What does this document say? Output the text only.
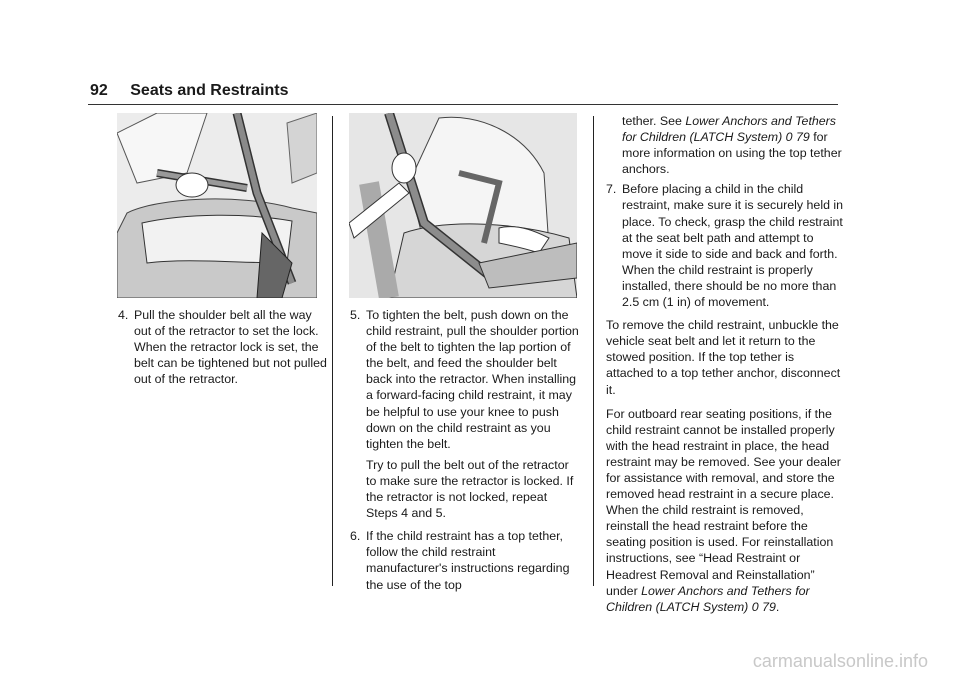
92 Seats and Restraints
4. Pull the shoulder belt all the way out of the retractor to set the lock. When the retractor lock is set, the belt can be tightened but not pulled out of the retractor.
5. To tighten the belt, push down on the child restraint, pull the shoulder portion of the belt to tighten the lap portion of the belt, and feed the shoulder belt back into the retractor. When installing a forward-facing child restraint, it may be helpful to use your knee to push down on the child restraint as you tighten the belt.
Try to pull the belt out of the retractor to make sure the retractor is locked. If the retractor is not locked, repeat Steps 4 and 5.
6. If the child restraint has a top tether, follow the child restraint manufacturer's instructions regarding the use of the top
tether. See Lower Anchors and Tethers for Children (LATCH System) 0 79 for more information on using the top tether anchors.
7. Before placing a child in the child restraint, make sure it is securely held in place. To check, grasp the child restraint at the seat belt path and attempt to move it side to side and back and forth. When the child restraint is properly installed, there should be no more than 2.5 cm (1 in) of movement.
To remove the child restraint, unbuckle the vehicle seat belt and let it return to the stowed position. If the top tether is attached to a top tether anchor, disconnect it.
For outboard rear seating positions, if the child restraint cannot be installed properly with the head restraint in place, the head restraint may be removed. See your dealer for assistance with removal, and store the removed head restraint in a secure place. When the child restraint is removed, reinstall the head restraint before the seating position is used. For reinstallation instructions, see “Head Restraint or Headrest Removal and Reinstallation” under Lower Anchors and Tethers for Children (LATCH System) 0 79.
carmanualsonline.info
